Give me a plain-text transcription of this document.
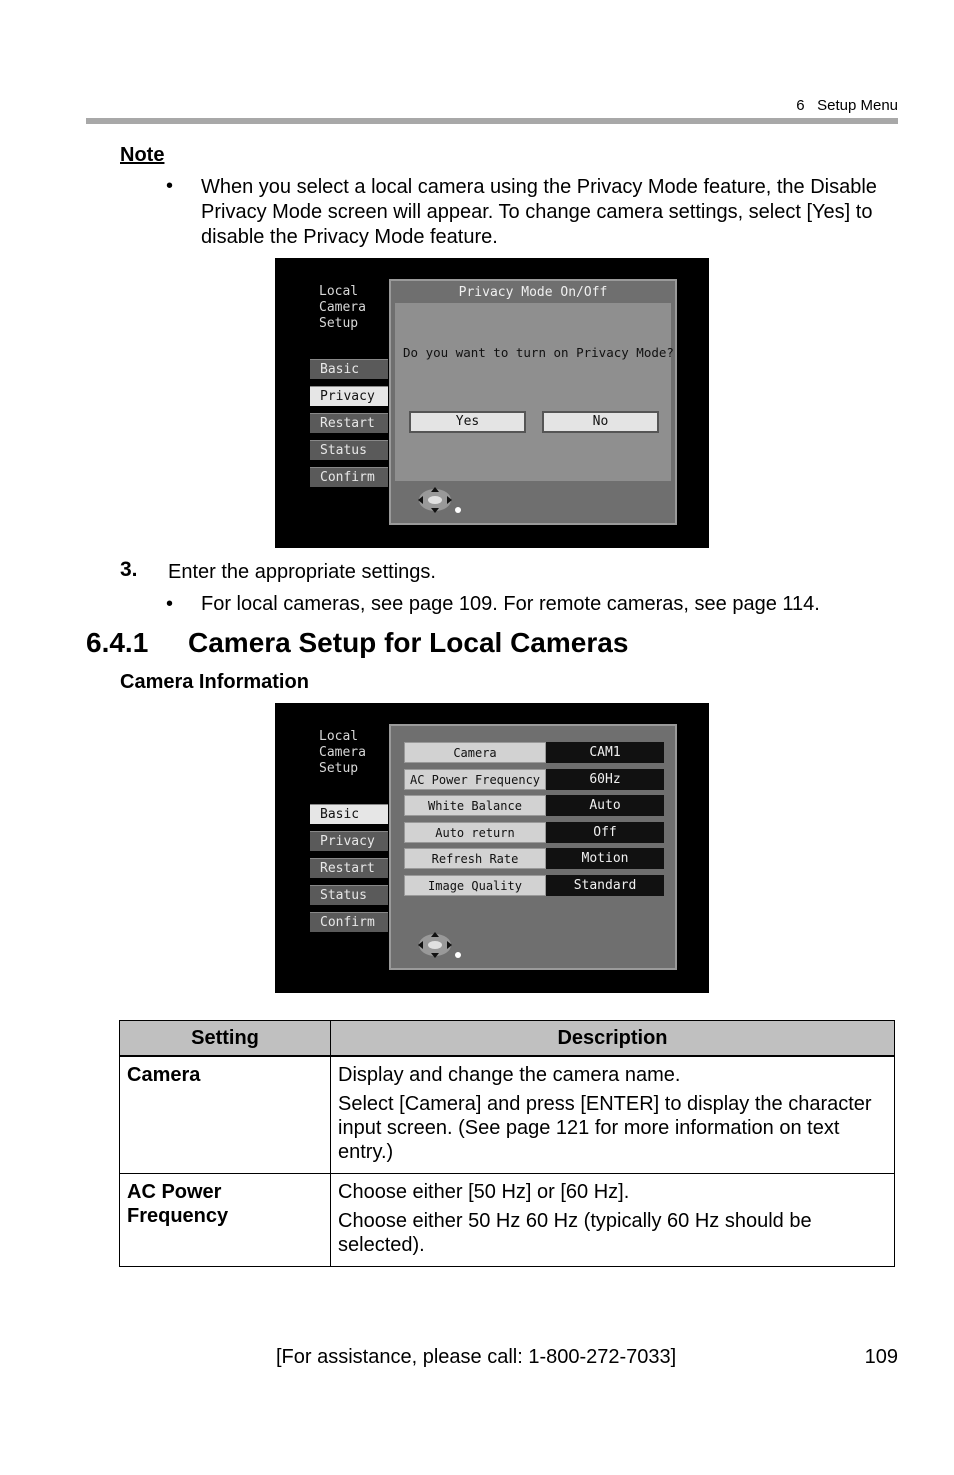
6   Setup Menu
Note
• When you select a local camera using the Privacy Mode feature, the Disable Privacy Mode screen will appear. To change camera settings, select [Yes] to disable the Privacy Mode feature.
Local
Camera
Setup
Basic
Privacy
Restart
Status
Confirm
Privacy Mode On/Off
Do you want to turn on Privacy Mode?
Yes	No
3. Enter the appropriate settings.
• For local cameras, see page 109. For remote cameras, see page 114.
6.4.1 Camera Setup for Local Cameras
Camera Information
Local
Camera
Setup
Basic
Privacy
Restart
Status
Confirm
Camera	CAM1
AC Power Frequency	60Hz
White Balance	Auto
Auto return	Off
Refresh Rate	Motion
Image Quality	Standard
Setting	Description
Camera	Display and change the camera name.

Select [Camera] and press [ENTER] to display the character input screen. (See page 121 for more information on text entry.)

AC Power Frequency	Choose either [50 Hz] or [60 Hz].

Choose either 50 Hz 60 Hz (typically 60 Hz should be selected).

[For assistance, please call: 1-800-272-7033]	109
